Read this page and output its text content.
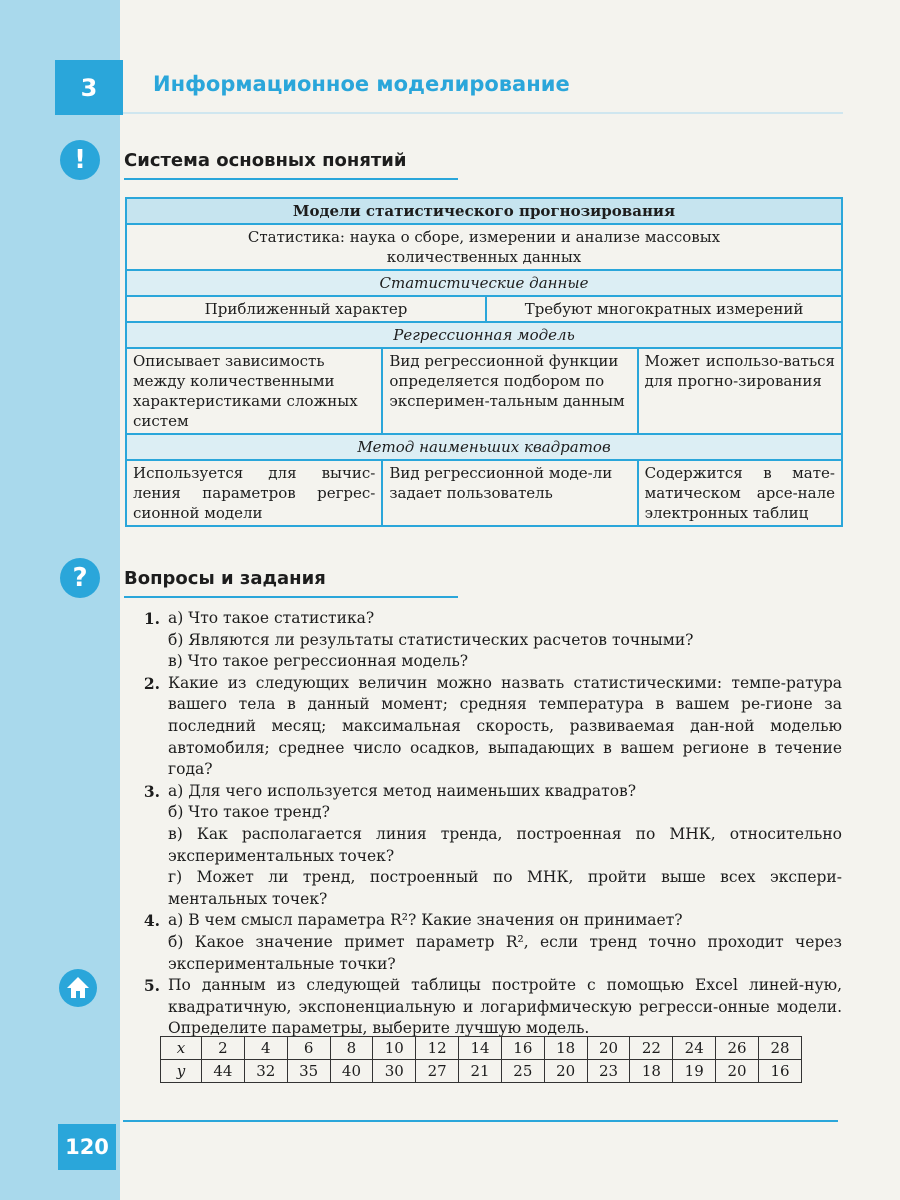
3	Информационное моделирование
!	Система основных понятий
Модели статистического прогнозирования			
Статистика: наука о сборе, измерении и анализе массовых количественных данных			
Статистические данные			
Приближенный характер		Требуют многократных измерений	
Регрессионная модель			
Описывает зависимость между количественными характеристиками сложных систем	Вид регрессионной функции определяется подбором по эксперимен-тальным данным		Может использо-ваться для прогно-зирования
Метод наименьших квадратов			
Используется для вычис-ления параметров регрес-сионной модели	Вид регрессионной моде-ли задает пользователь		Содержится в мате-матическом арсе-нале электронных таблиц
?	Вопросы и задания
1. а) Что такое статистика?
б) Являются ли результаты статистических расчетов точными?
в) Что такое регрессионная модель?
2. Какие из следующих величин можно назвать статистическими: темпе-ратура вашего тела в данный момент; средняя температура в вашем ре-гионе за последний месяц; максимальная скорость, развиваемая дан-ной моделью автомобиля; среднее число осадков, выпадающих в вашем регионе в течение года?
3. а) Для чего используется метод наименьших квадратов?
б) Что такое тренд?
в) Как располагается линия тренда, построенная по МНК, относительно экспериментальных точек?
г) Может ли тренд, построенный по МНК, пройти выше всех экспери-ментальных точек?
4. а) В чем смысл параметра R²? Какие значения он принимает?
б) Какое значение примет параметр R², если тренд точно проходит через экспериментальные точки?
5. По данным из следующей таблицы постройте с помощью Excel линей-ную, квадратичную, экспоненциальную и логарифмическую регресси-онные модели. Определите параметры, выберите лучшую модель.
x	2	4	6	8	10	12	14	16	18	20	22	24	26	28
y	44	32	35	40	30	27	21	25	20	23	18	19	20	16
120
